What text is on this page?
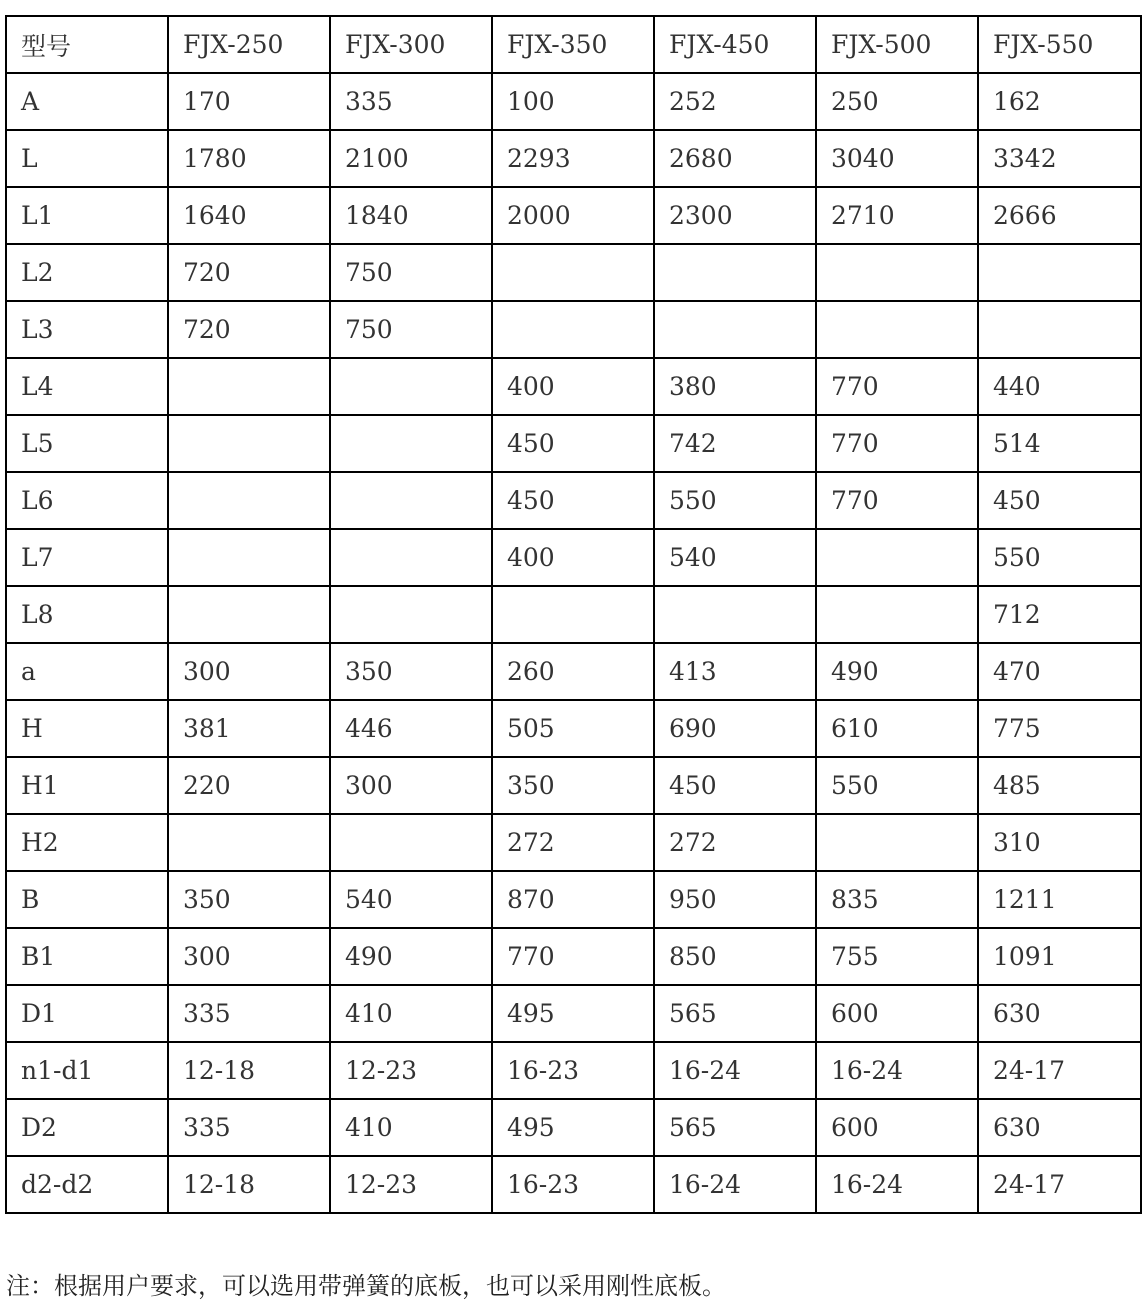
型号	FJX-250	FJX-300	FJX-350	FJX-450	FJX-500	FJX-550
A	170	335	100	252	250	162
L	1780	2100	2293	2680	3040	3342
L1	1640	1840	2000	2300	2710	2666
L2	720	750				
L3	720	750				
L4			400	380	770	440
L5			450	742	770	514
L6			450	550	770	450
L7			400	540		550
L8						712
a	300	350	260	413	490	470
H	381	446	505	690	610	775
H1	220	300	350	450	550	485
H2			272	272		310
B	350	540	870	950	835	1211
B1	300	490	770	850	755	1091
D1	335	410	495	565	600	630
n1-d1	12-18	12-23	16-23	16-24	16-24	24-17
D2	335	410	495	565	600	630
d2-d2	12-18	12-23	16-23	16-24	16-24	24-17
注：根据用户要求，可以选用带弹簧的底板，也可以采用刚性底板。
